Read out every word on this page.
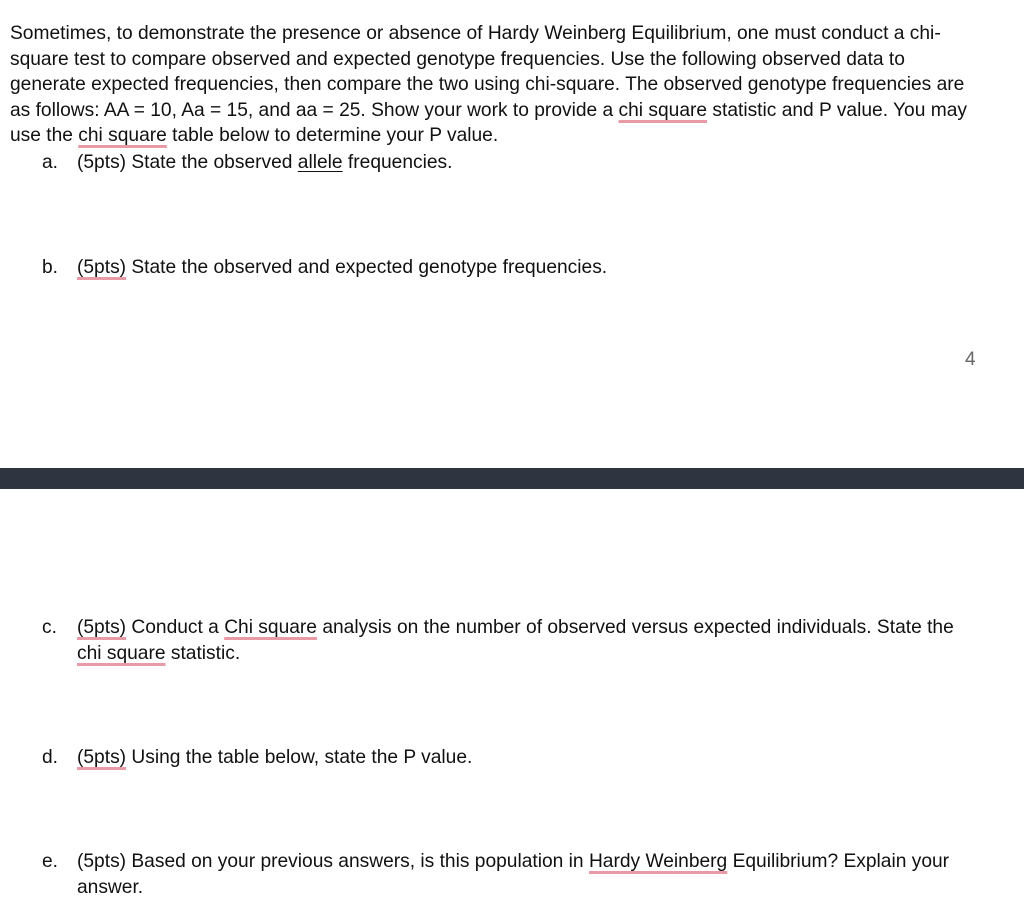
Sometimes, to demonstrate the presence or absence of Hardy Weinberg Equilibrium, one must conduct a chi-square test to compare observed and expected genotype frequencies. Use the following observed data to generate expected frequencies, then compare the two using chi-square. The observed genotype frequencies are as follows: AA = 10, Aa = 15, and aa = 25. Show your work to provide a chi square statistic and P value. You may use the chi square table below to determine your P value.

a. (5pts) State the observed allele frequencies.
b. (5pts) State the observed and expected genotype frequencies.
4
c.	(5pts) Conduct a Chi square analysis on the number of observed versus expected individuals. State the chi square statistic.
d. (5pts) Using the table below, state the P value.
e. (5pts) Based on your previous answers, is this population in Hardy Weinberg Equilibrium? Explain your answer.
